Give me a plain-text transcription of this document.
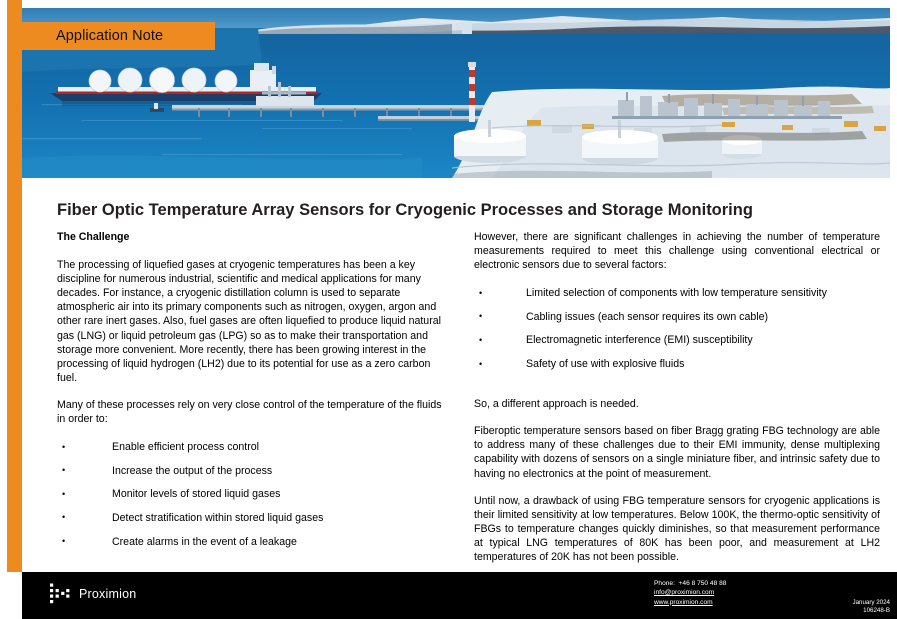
Application Note
Fiber Optic Temperature Array Sensors for Cryogenic Processes and Storage Monitoring
The Challenge

The processing of liquefied gases at cryogenic temperatures has been a key discipline for numerous industrial, scientific and medical applications for many decades. For instance, a cryogenic distillation column is used to separate atmospheric air into its primary components such as nitrogen, oxygen, argon and other rare inert gases. Also, fuel gases are often liquefied to produce liquid natural gas (LNG) or liquid petroleum gas (LPG) so as to make their transportation and storage more convenient. More recently, there has been growing interest in the processing of liquid hydrogen (LH2) due to its potential for use as a zero carbon fuel.

Many of these processes rely on very close control of the temperature of the fluids in order to:

• Enable efficient process control
• Increase the output of the process
• Monitor levels of stored liquid gases
• Detect stratification within stored liquid gases
• Create alarms in the event of a leakage

However, there are significant challenges in achieving the number of temperature measurements required to meet this challenge using conventional electrical or electronic sensors due to several factors:

• Limited selection of components with low temperature sensitivity
• Cabling issues (each sensor requires its own cable)
• Electromagnetic interference (EMI) susceptibility
• Safety of use with explosive fluids

So, a different approach is needed.

Fiberoptic temperature sensors based on fiber Bragg grating FBG technology are able to address many of these challenges due to their EMI immunity, dense multiplexing capability with dozens of sensors on a single miniature fiber, and intrinsic safety due to having no electronics at the point of measurement.

Until now, a drawback of using FBG temperature sensors for cryogenic applications is their limited sensitivity at low temperatures. Below 100K, the thermo-optic sensitivity of FBGs to temperature changes quickly diminishes, so that measurement performance at typical LNG temperatures of 80K has been poor, and measurement at LH2 temperatures of 20K has not been possible.

Proximion
Phone:  +46 8 750 48 88
info@proximion.com
www.proximion.com	January 2024
106248-B
